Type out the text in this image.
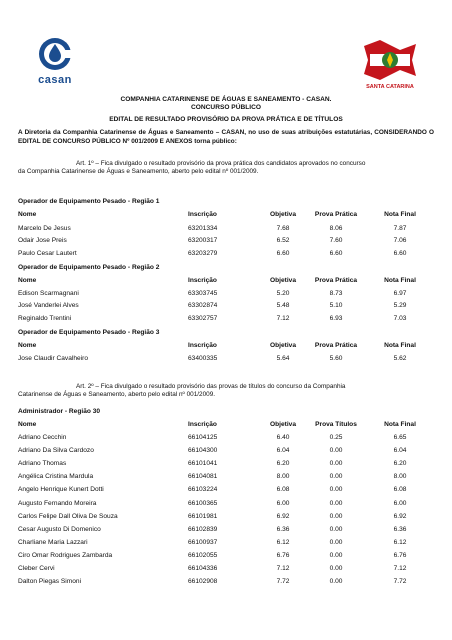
casan
SANTA CATARINA
COMPANHIA CATARINENSE DE ÁGUAS E SANEAMENTO - CASAN.
CONCURSO PÚBLICO
EDITAL DE RESULTADO PROVISÓRIO DA PROVA PRÁTICA E DE TÍTULOS
A Diretoria da Companhia Catarinense de Águas e Saneamento – CASAN, no uso de suas atribuições estatutárias, CONSIDERANDO O EDITAL DE CONCURSO PÚBLICO Nº 001/2009 E ANEXOS torna público:
Art. 1º – Fica divulgado o resultado provisório da prova prática dos candidatos aprovados no concurso
da Companhia Catarinense de Águas e Saneamento, aberto pelo edital nº 001/2009.
Operador de Equipamento Pesado - Região 1
Nome	Inscrição	Objetiva	Prova Prática	Nota Final
Marcelo De Jesus	63201334	7.68	8.06	7.87
Odair Jose Preis	63200317	6.52	7.60	7.06
Paulo Cesar Lautert	63203279	6.60	6.60	6.60
Operador de Equipamento Pesado - Região 2
Nome	Inscrição	Objetiva	Prova Prática	Nota Final
Edison Scarmagnani	63303745	5.20	8.73	6.97
José Vanderlei Alves	63302874	5.48	5.10	5.29
Reginaldo Trentini	63302757	7.12	6.93	7.03
Operador de Equipamento Pesado - Região 3
Nome	Inscrição	Objetiva	Prova Prática	Nota Final
Jose Claudir Cavalheiro	63400335	5.64	5.60	5.62
Art. 2º – Fica divulgado o resultado provisório das provas de títulos do concurso da Companhia
Catarinense de Águas e Saneamento, aberto pelo edital nº 001/2009.
Administrador - Região 30
Nome	Inscrição	Objetiva	Prova Títulos	Nota Final
Adriano Cecchin	66104125	6.40	0.25	6.65
Adriano Da Silva Cardozo	66104300	6.04	0.00	6.04
Adriano Thomas	66101041	6.20	0.00	6.20
Angélica Cristina Mardula	66104081	8.00	0.00	8.00
Angelo Henrique Kunert Dotti	66103224	6.08	0.00	6.08
Augusto Fernando Moreira	66100365	6.00	0.00	6.00
Carlos Felipe Dall Oliva De Souza	66101981	6.92	0.00	6.92
Cesar Augusto Di Domenico	66102839	6.36	0.00	6.36
Charliane Maria Lazzari	66100937	6.12	0.00	6.12
Ciro Omar Rodrigues Zambarda	66102055	6.76	0.00	6.76
Cleber Cervi	66104336	7.12	0.00	7.12
Dalton Piegas Simoni	66102908	7.72	0.00	7.72
